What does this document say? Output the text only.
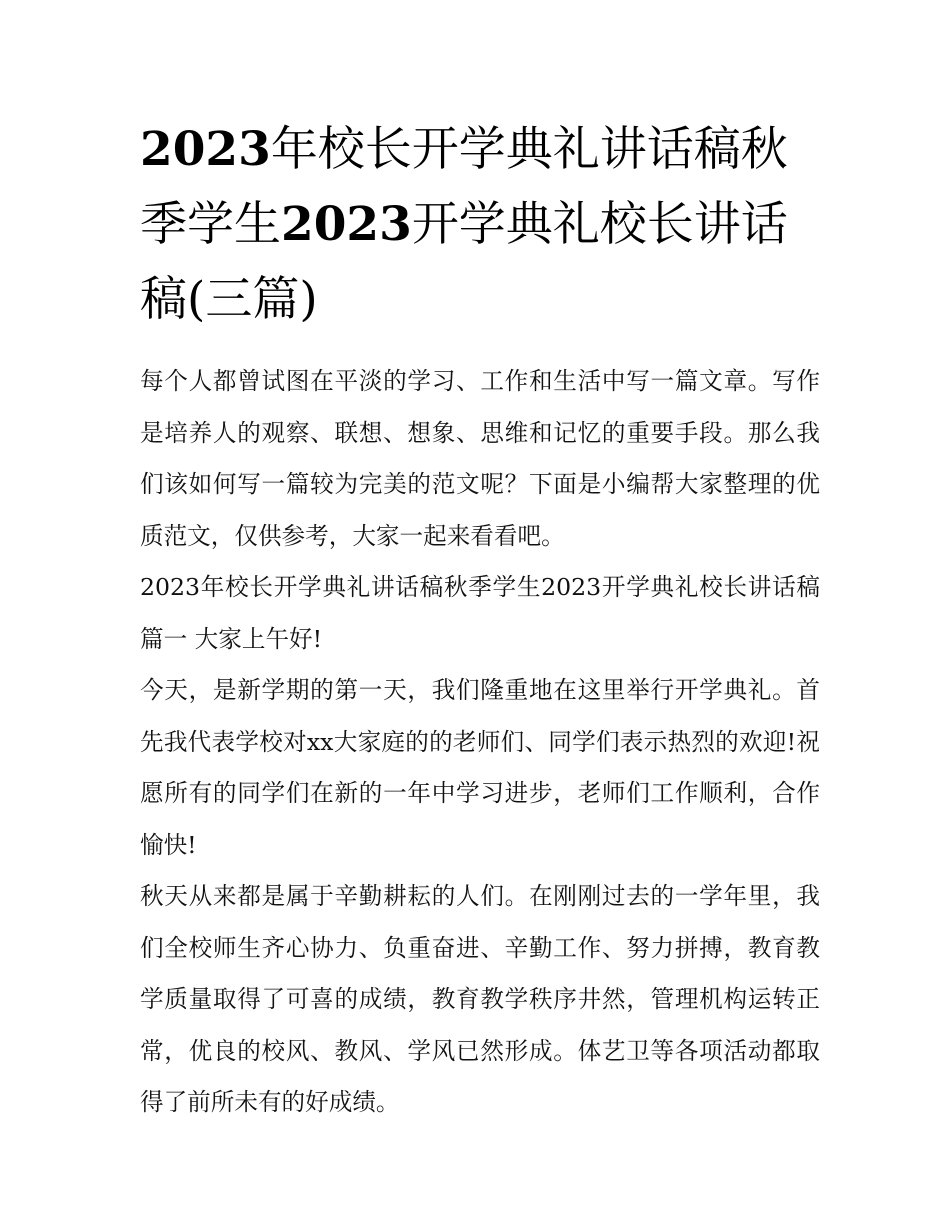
2023年校长开学典礼讲话稿秋季学生2023开学典礼校长讲话稿(三篇)

每个人都曾试图在平淡的学习、工作和生活中写一篇文章。写作是培养人的观察、联想、想象、思维和记忆的重要手段。那么我们该如何写一篇较为完美的范文呢？下面是小编帮大家整理的优质范文，仅供参考，大家一起来看看吧。

2023年校长开学典礼讲话稿秋季学生2023开学典礼校长讲话稿篇一 大家上午好!

今天，是新学期的第一天，我们隆重地在这里举行开学典礼。首先我代表学校对xx大家庭的的老师们、同学们表示热烈的欢迎!祝愿所有的同学们在新的一年中学习进步，老师们工作顺利，合作愉快!

秋天从来都是属于辛勤耕耘的人们。在刚刚过去的一学年里，我们全校师生齐心协力、负重奋进、辛勤工作、努力拼搏，教育教学质量取得了可喜的成绩，教育教学秩序井然，管理机构运转正常，优良的校风、教风、学风已然形成。体艺卫等各项活动都取得了前所未有的好成绩。
